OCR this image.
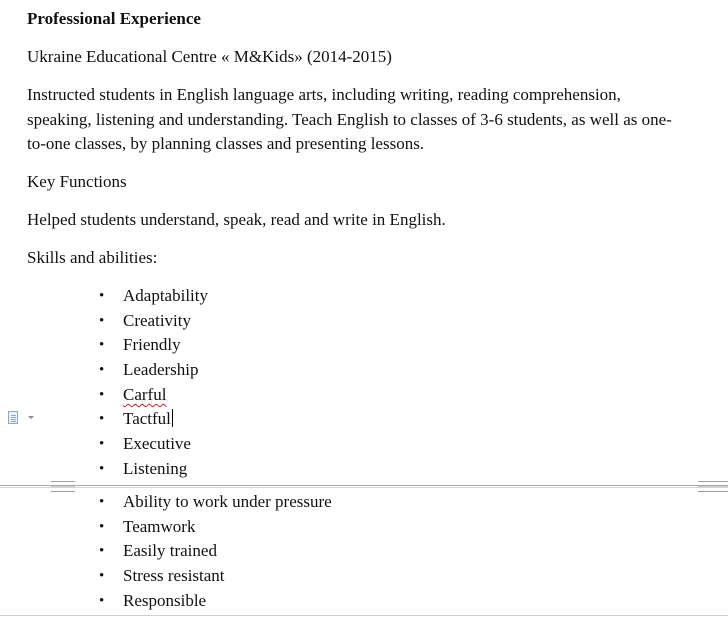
Professional Experience
Ukraine Educational Centre « M&Kids» (2014-2015)
Instructed students in English language arts, including writing, reading comprehension, speaking, listening and understanding. Teach English to classes of 3-6 students, as well as one-to-one classes, by planning classes and presenting lessons.
Key Functions
Helped students understand, speak, read and write in English.
Skills and abilities:
• Adaptability
• Creativity
• Friendly
• Leadership
• Carful
• Tactful
• Executive
• Listening
• Ability to work under pressure
• Teamwork
• Easily trained
• Stress resistant
• Responsible
